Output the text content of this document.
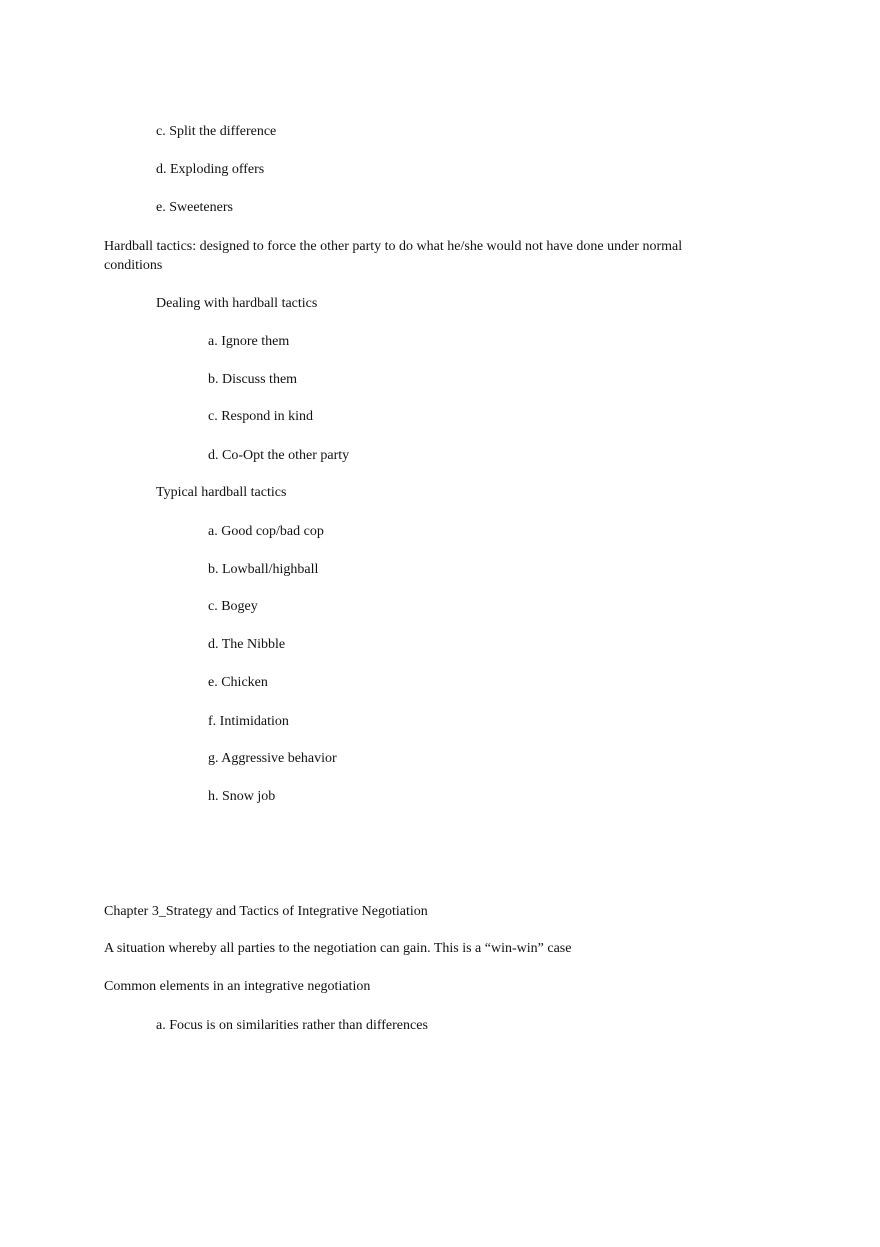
c. Split the difference
d. Exploding offers
e. Sweeteners
Hardball tactics: designed to force the other party to do what he/she would not have done under normal conditions
Dealing with hardball tactics
a. Ignore them
b. Discuss them
c. Respond in kind
d. Co-Opt the other party
Typical hardball tactics
a. Good cop/bad cop
b. Lowball/highball
c. Bogey
d. The Nibble
e. Chicken
f. Intimidation
g. Aggressive behavior
h. Snow job
Chapter 3_Strategy and Tactics of Integrative Negotiation
A situation whereby all parties to the negotiation can gain. This is a “win-win” case
Common elements in an integrative negotiation
a. Focus is on similarities rather than differences
